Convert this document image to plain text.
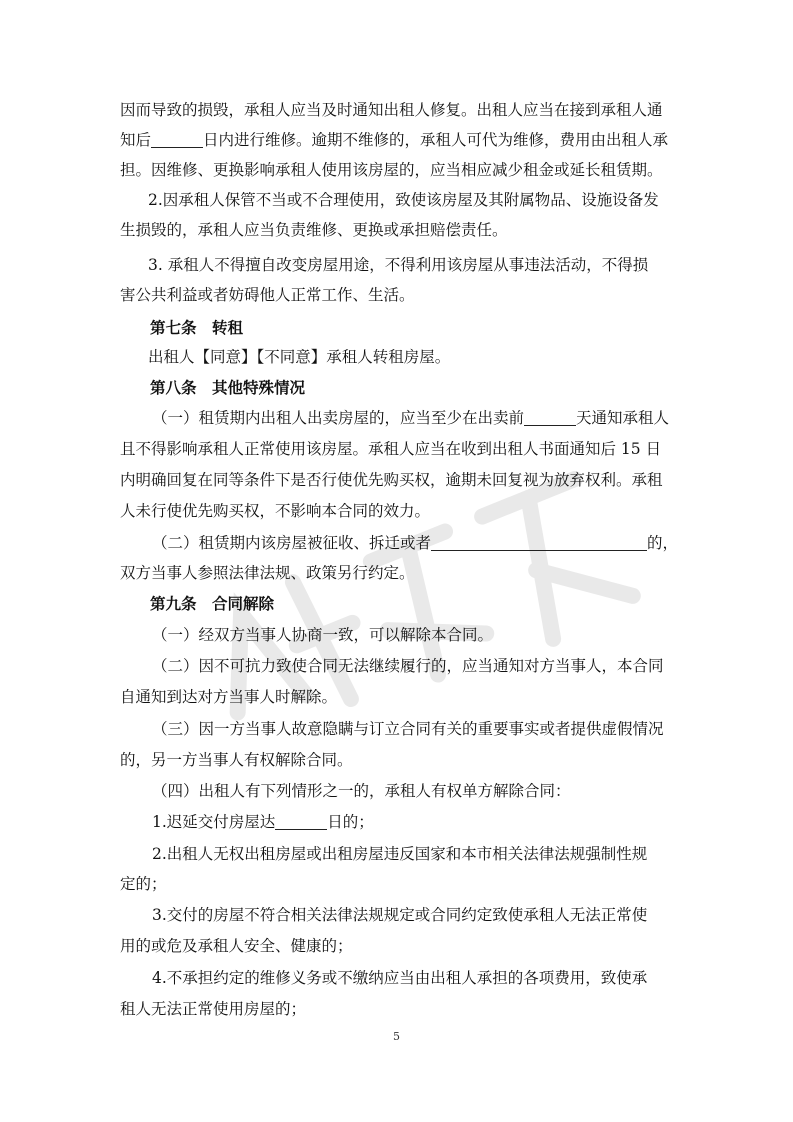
因而导致的损毁，承租人应当及时通知出租人修复。出租人应当在接到承租人通
知后	日内进行维修。逾期不维修的，承租人可代为维修，费用由出租人承
担。因维修、更换影响承租人使用该房屋的，应当相应减少租金或延长租赁期。
2.因承租人保管不当或不合理使用，致使该房屋及其附属物品、设施设备发
生损毁的，承租人应当负责维修、更换或承担赔偿责任。
3. 承租人不得擅自改变房屋用途，不得利用该房屋从事违法活动，不得损
害公共利益或者妨碍他人正常工作、生活。
第七条　转租
出租人【同意】【不同意】承租人转租房屋。
第八条　其他特殊情况
（一）租赁期内出租人出卖房屋的，应当至少在出卖前	天通知承租人
且不得影响承租人正常使用该房屋。承租人应当在收到出租人书面通知后 15 日
内明确回复在同等条件下是否行使优先购买权，逾期未回复视为放弃权利。承租
人未行使优先购买权，不影响本合同的效力。
（二）租赁期内该房屋被征收、拆迁或者	的，
双方当事人参照法律法规、政策另行约定。
第九条　合同解除
（一）经双方当事人协商一致，可以解除本合同。
（二）因不可抗力致使合同无法继续履行的，应当通知对方当事人，本合同
自通知到达对方当事人时解除。
（三）因一方当事人故意隐瞒与订立合同有关的重要事实或者提供虚假情况
的，另一方当事人有权解除合同。
（四）出租人有下列情形之一的，承租人有权单方解除合同：
1.迟延交付房屋达	日的；
2.出租人无权出租房屋或出租房屋违反国家和本市相关法律法规强制性规
定的；
3.交付的房屋不符合相关法律法规规定或合同约定致使承租人无法正常使
用的或危及承租人安全、健康的；
4.不承担约定的维修义务或不缴纳应当由出租人承担的各项费用，致使承
租人无法正常使用房屋的；
5
